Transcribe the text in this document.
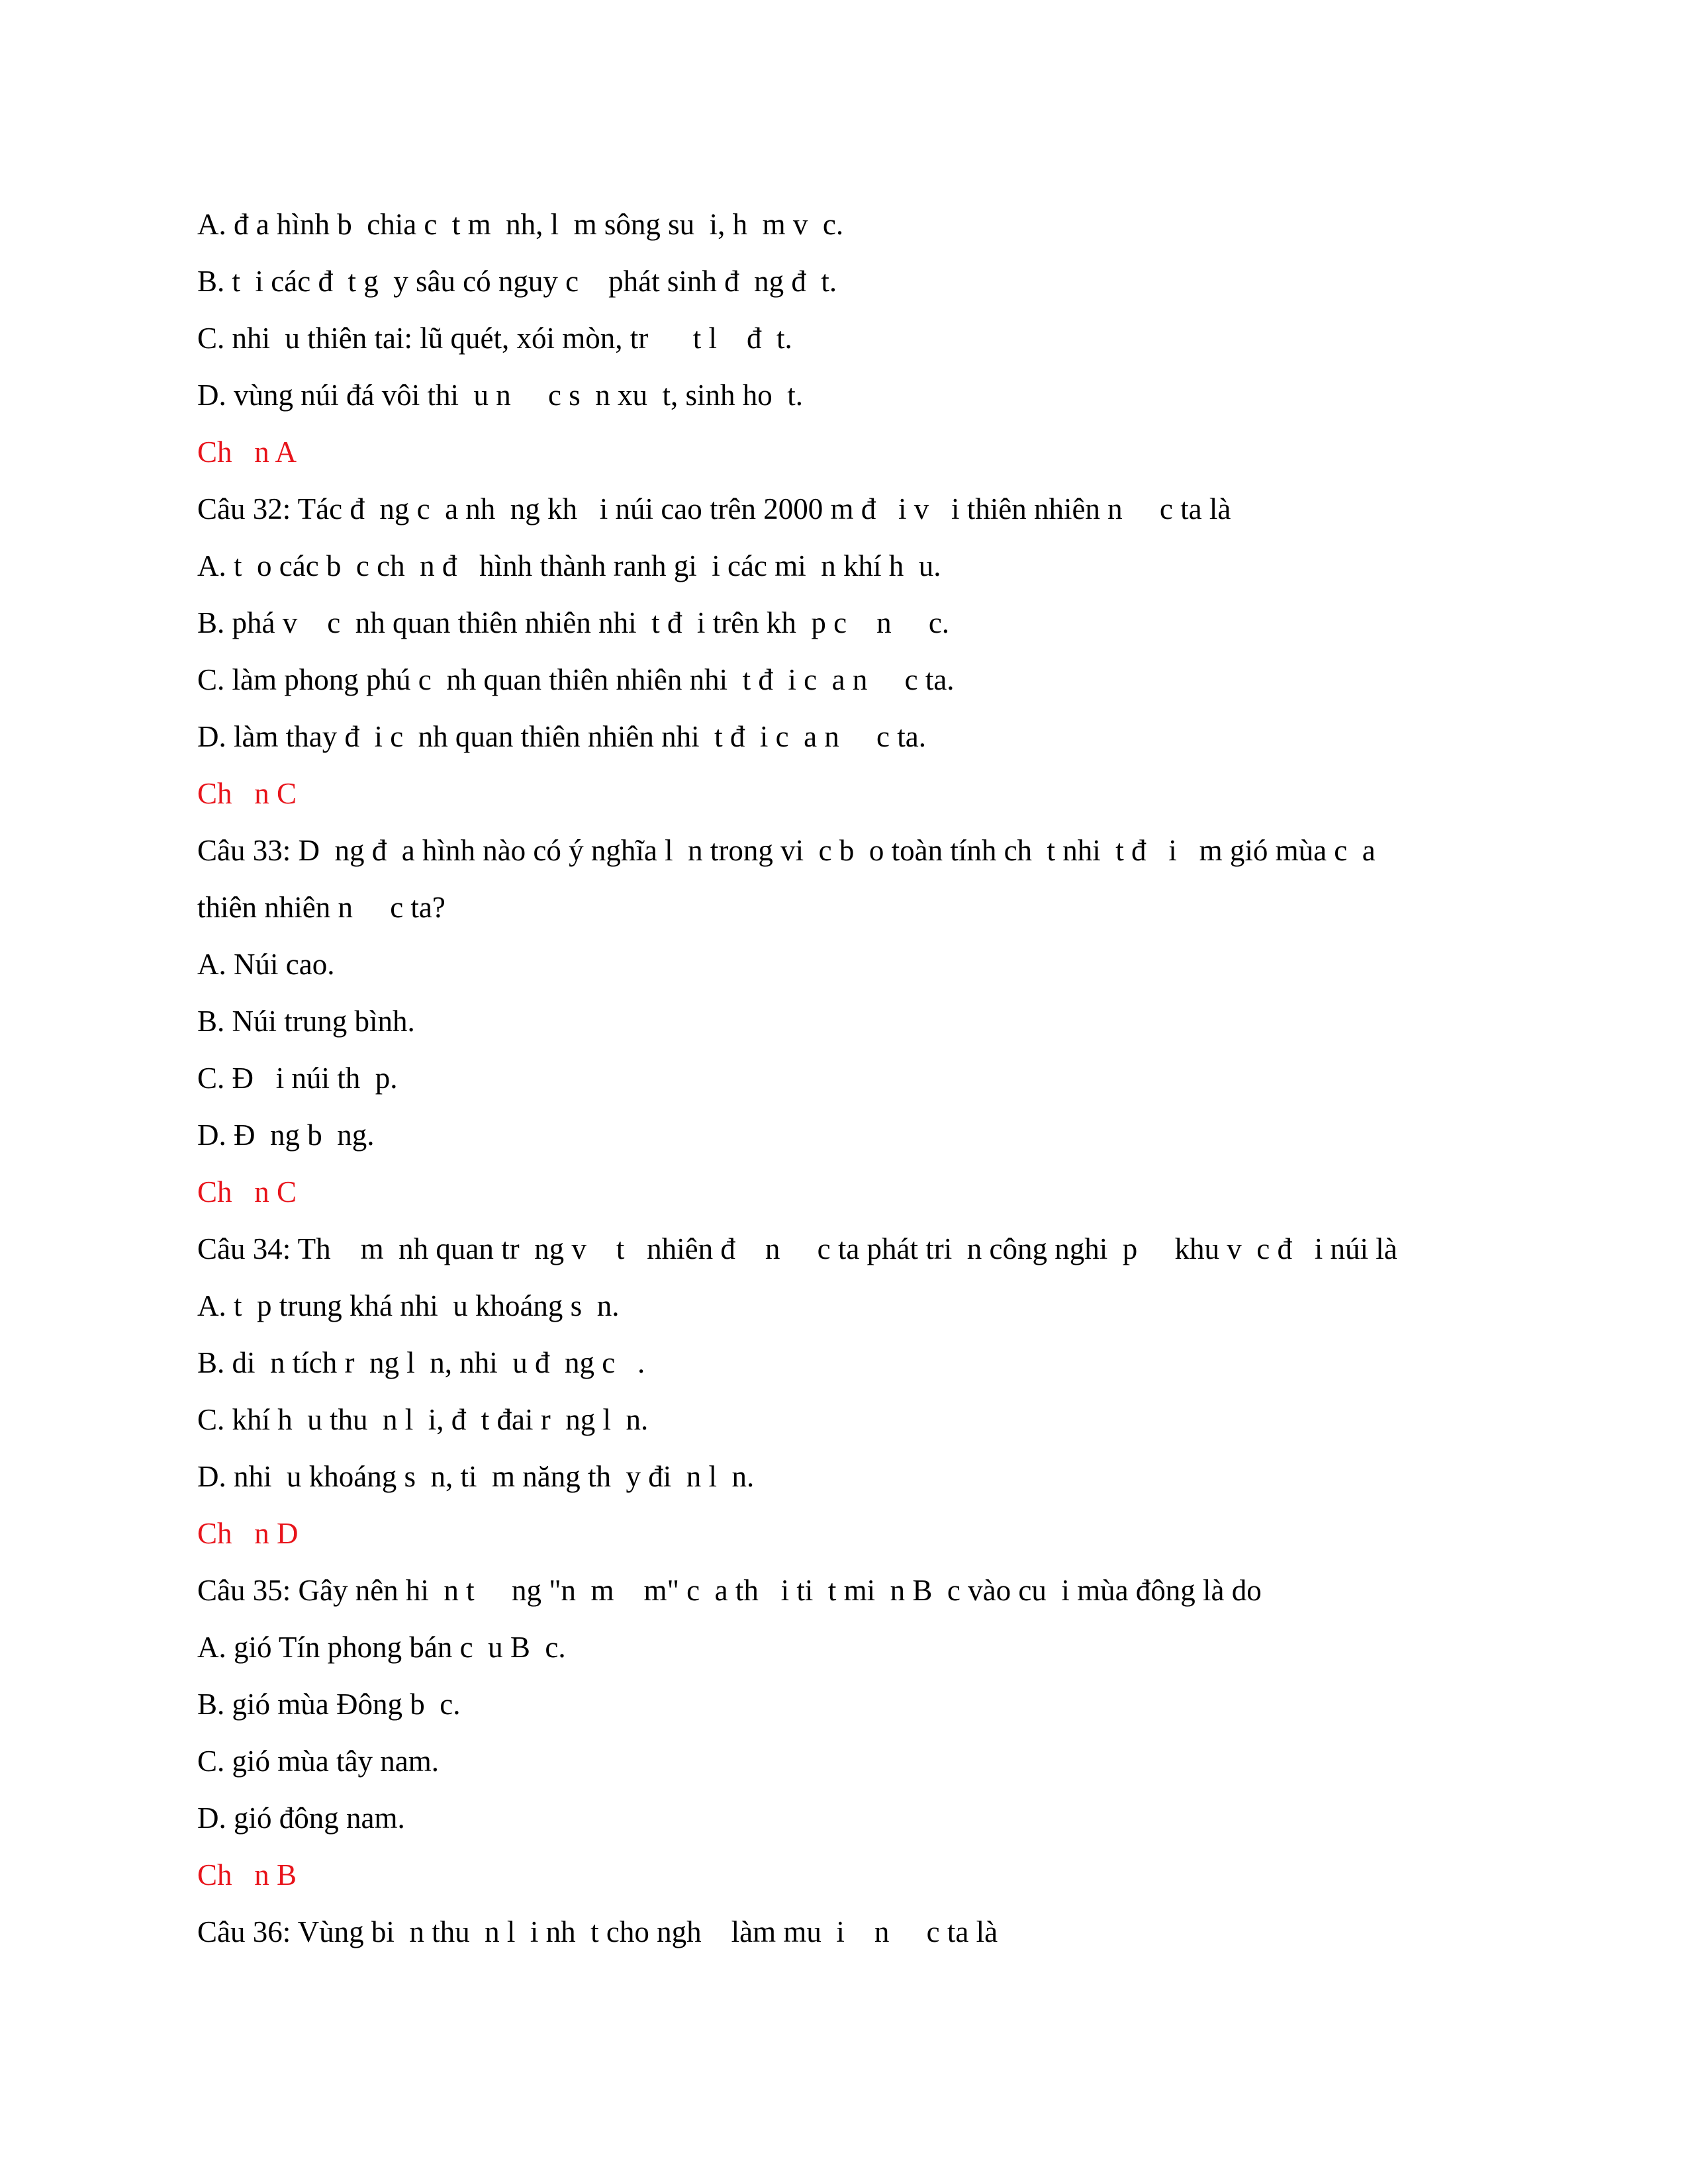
A. đ a hình b  chia c  t m  nh, l  m sông su  i, h  m v  c.
B. t  i các đ  t g  y sâu có nguy c    phát sinh đ  ng đ  t.
C. nhi  u thiên tai: lũ quét, xói mòn, tr      t l    đ  t.
D. vùng núi đá vôi thi  u n     c s  n xu  t, sinh ho  t.
Ch   n A
Câu 32: Tác đ  ng c  a nh  ng kh   i núi cao trên 2000 m đ   i v   i thiên nhiên n     c ta là
A. t  o các b  c ch  n đ   hình thành ranh gi  i các mi  n khí h  u.
B. phá v    c  nh quan thiên nhiên nhi  t đ  i trên kh  p c    n     c.
C. làm phong phú c  nh quan thiên nhiên nhi  t đ  i c  a n     c ta.
D. làm thay đ  i c  nh quan thiên nhiên nhi  t đ  i c  a n     c ta.
Ch   n C
Câu 33: D  ng đ  a hình nào có ý nghĩa l  n trong vi  c b  o toàn tính ch  t nhi  t đ   i   m gió mùa c  a
thiên nhiên n     c ta?
A. Núi cao.
B. Núi trung bình.
C. Đ   i núi th  p.
D. Đ  ng b  ng.
Ch   n C
Câu 34: Th    m  nh quan tr  ng v    t   nhiên đ    n     c ta phát tri  n công nghi  p     khu v  c đ   i núi là
A. t  p trung khá nhi  u khoáng s  n.
B. di  n tích r  ng l  n, nhi  u đ  ng c   .
C. khí h  u thu  n l  i, đ  t đai r  ng l  n.
D. nhi  u khoáng s  n, ti  m năng th  y đi  n l  n.
Ch   n D
Câu 35: Gây nên hi  n t     ng "n  m    m" c  a th   i ti  t mi  n B  c vào cu  i mùa đông là do
A. gió Tín phong bán c  u B  c.
B. gió mùa Đông b  c.
C. gió mùa tây nam.
D. gió đông nam.
Ch   n B
Câu 36: Vùng bi  n thu  n l  i nh  t cho ngh    làm mu  i    n     c ta là
